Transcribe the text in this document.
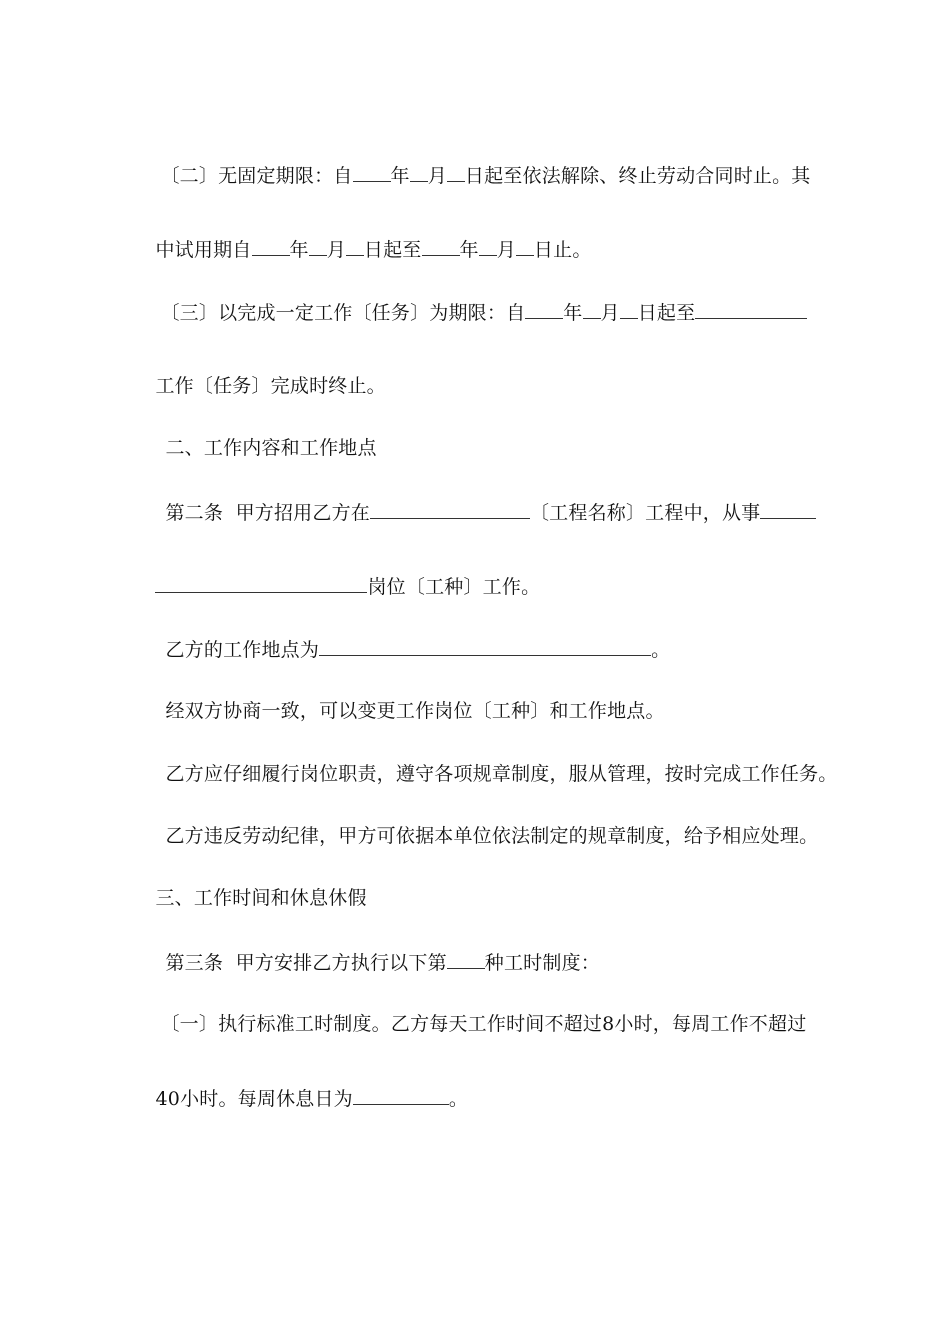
〔二〕无固定期限：自 年 月 日起至依法解除、终止劳动合同时止。其

中试用期自 年 月 日起至 年 月 日止。

〔三〕以完成一定工作〔任务〕为期限：自 年 月 日起至

工作〔任务〕完成时终止。

二、工作内容和工作地点

第二条  甲方招用乙方在	〔工程名称〕工程中，从事

岗位〔工种〕工作。

乙方的工作地点为	。

经双方协商一致，可以变更工作岗位〔工种〕和工作地点。

乙方应仔细履行岗位职责，遵守各项规章制度，服从管理，按时完成工作任务。

乙方违反劳动纪律，甲方可依据本单位依法制定的规章制度，给予相应处理。

三、工作时间和休息休假

第三条  甲方安排乙方执行以下第 种工时制度：

〔一〕执行标准工时制度。乙方每天工作时间不超过8小时，每周工作不超过

40小时。每周休息日为	。
